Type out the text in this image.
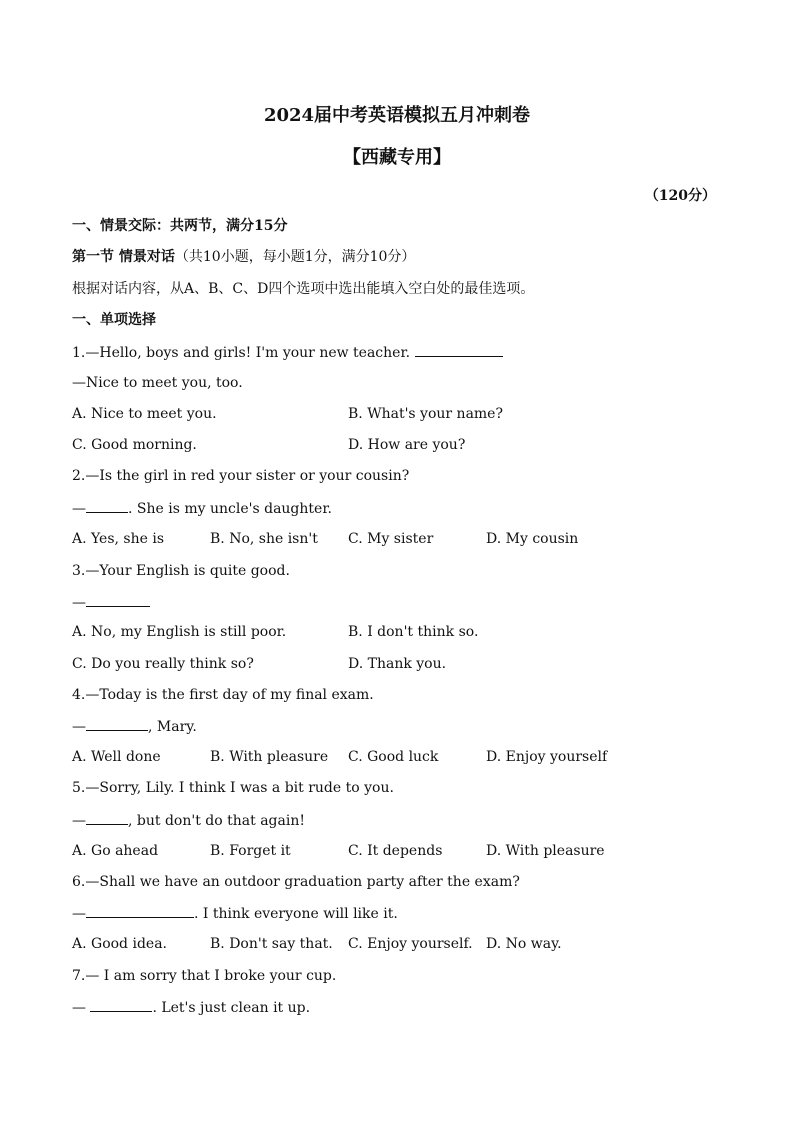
2024届中考英语模拟五月冲刺卷
【西藏专用】
（120分）
一、情景交际：共两节，满分15分
第一节 情景对话（共10小题，每小题1分，满分10分）
根据对话内容，从A、B、C、D四个选项中选出能填入空白处的最佳选项。
一、单项选择
1.—Hello, boys and girls! I'm your new teacher.
—Nice to meet you, too.
A. Nice to meet you.	B. What's your name?
C. Good morning.	D. How are you?
2.—Is the girl in red your sister or your cousin?
—	. She is my uncle's daughter.
A. Yes, she is	B. No, she isn't C. My sister	D. My cousin
3.—Your English is quite good.
—
A. No, my English is still poor.	B. I don't think so.
C. Do you really think so?	D. Thank you.
4.—Today is the first day of my final exam.
—	, Mary.
A. Well done	B. With pleasure C. Good luck	D. Enjoy yourself
5.—Sorry, Lily. I think I was a bit rude to you.
—	, but don't do that again!
A. Go ahead	B. Forget it	C. It depends	D. With pleasure
6.—Shall we have an outdoor graduation party after the exam?
—	. I think everyone will like it.
A. Good idea.	B. Don't say that. C. Enjoy yourself. D. No way.
7.— I am sorry that I broke your cup.
—	. Let's just clean it up.
